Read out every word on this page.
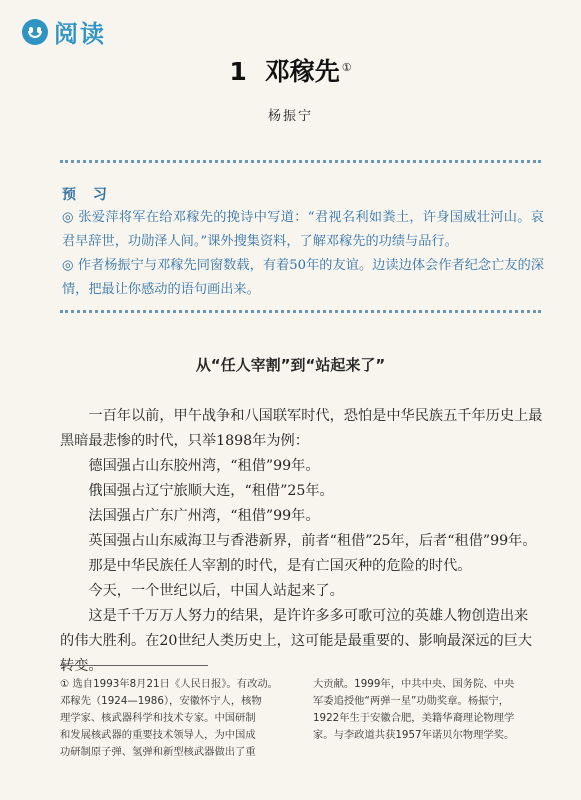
阅读
1 邓稼先 ①
杨振宁
预 习
◎ 张爱萍将军在给邓稼先的挽诗中写道：“君视名利如粪土，许身国威壮河山。哀君早辞世，功勋泽人间。”课外搜集资料，了解邓稼先的功绩与品行。
◎ 作者杨振宁与邓稼先同窗数载，有着50年的友谊。边读边体会作者纪念亡友的深情，把最让你感动的语句画出来。
从“任人宰割”到“站起来了”
　　一百年以前，甲午战争和八国联军时代，恐怕是中华民族五千年历史上最
黑暗最悲惨的时代，只举1898年为例：
　　德国强占山东胶州湾，“租借”99年。
　　俄国强占辽宁旅顺大连，“租借”25年。
　　法国强占广东广州湾，“租借”99年。
　　英国强占山东威海卫与香港新界，前者“租借”25年，后者“租借”99年。
　　那是中华民族任人宰割的时代，是有亡国灭种的危险的时代。
　　今天，一个世纪以后，中国人站起来了。
　　这是千千万万人努力的结果，是许许多多可歌可泣的英雄人物创造出来
的伟大胜利。在20世纪人类历史上，这可能是最重要的、影响最深远的巨大
转变。
① 选自1993年8月21日《人民日报》。有改动。
邓稼先（1924—1986），安徽怀宁人，核物
理学家、核武器科学和技术专家。中国研制
和发展核武器的重要技术领导人，为中国成
功研制原子弹、氢弹和新型核武器做出了重
大贡献。1999年，中共中央、国务院、中央
军委追授他“两弹一星”功勋奖章。杨振宁，
1922年生于安徽合肥，美籍华裔理论物理学
家。与李政道共获1957年诺贝尔物理学奖。
